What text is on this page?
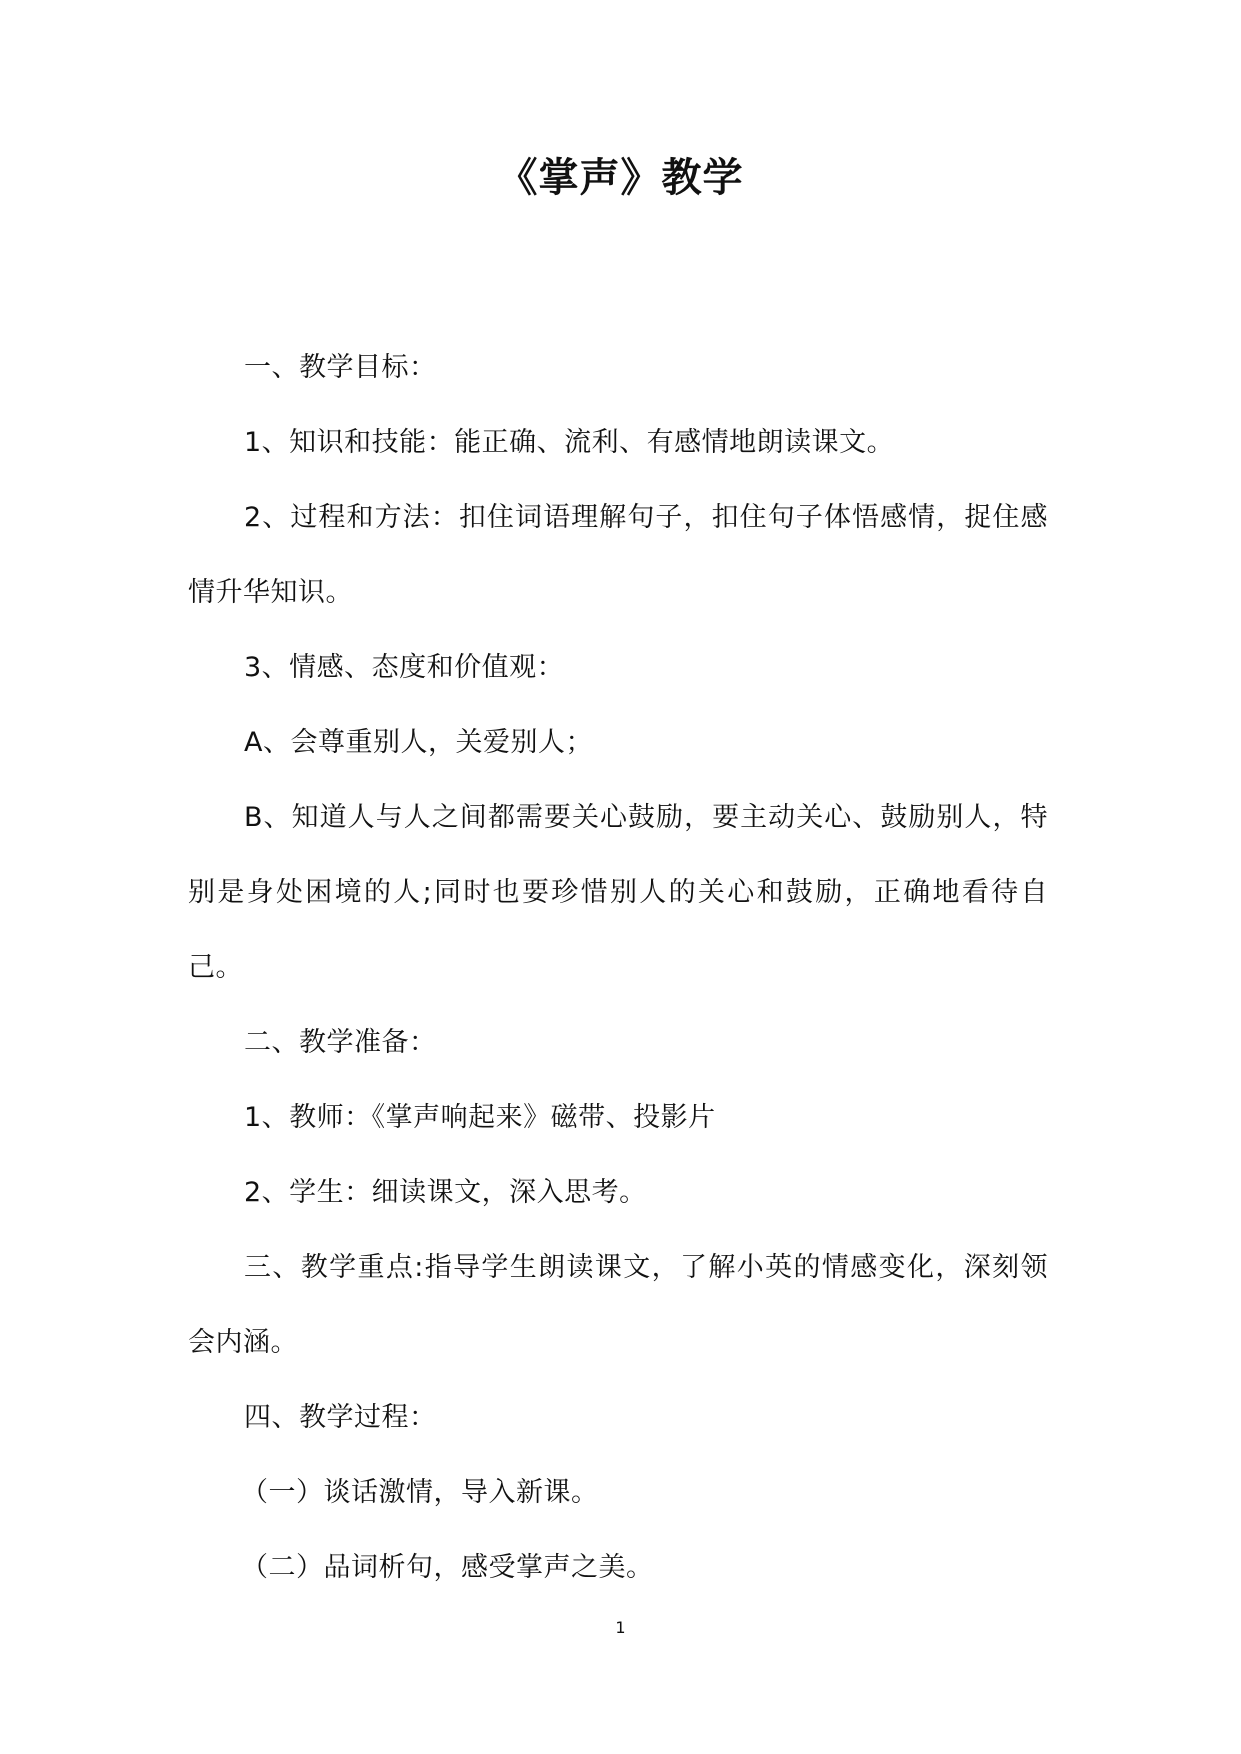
《掌声》教学

一、教学目标：

1、知识和技能：能正确、流利、有感情地朗读课文。

2、过程和方法：扣住词语理解句子，扣住句子体悟感情，捉住感情升华知识。

3、情感、态度和价值观：

A、会尊重别人，关爱别人；

B、知道人与人之间都需要关心鼓励，要主动关心、鼓励别人，特别是身处困境的人;同时也要珍惜别人的关心和鼓励，正确地看待自己。

二、教学准备：

1、教师：《掌声响起来》磁带、投影片

2、学生：细读课文，深入思考。

三、教学重点:指导学生朗读课文，了解小英的情感变化，深刻领会内涵。

四、教学过程：

（一）谈话激情，导入新课。

（二）品词析句，感受掌声之美。

1
